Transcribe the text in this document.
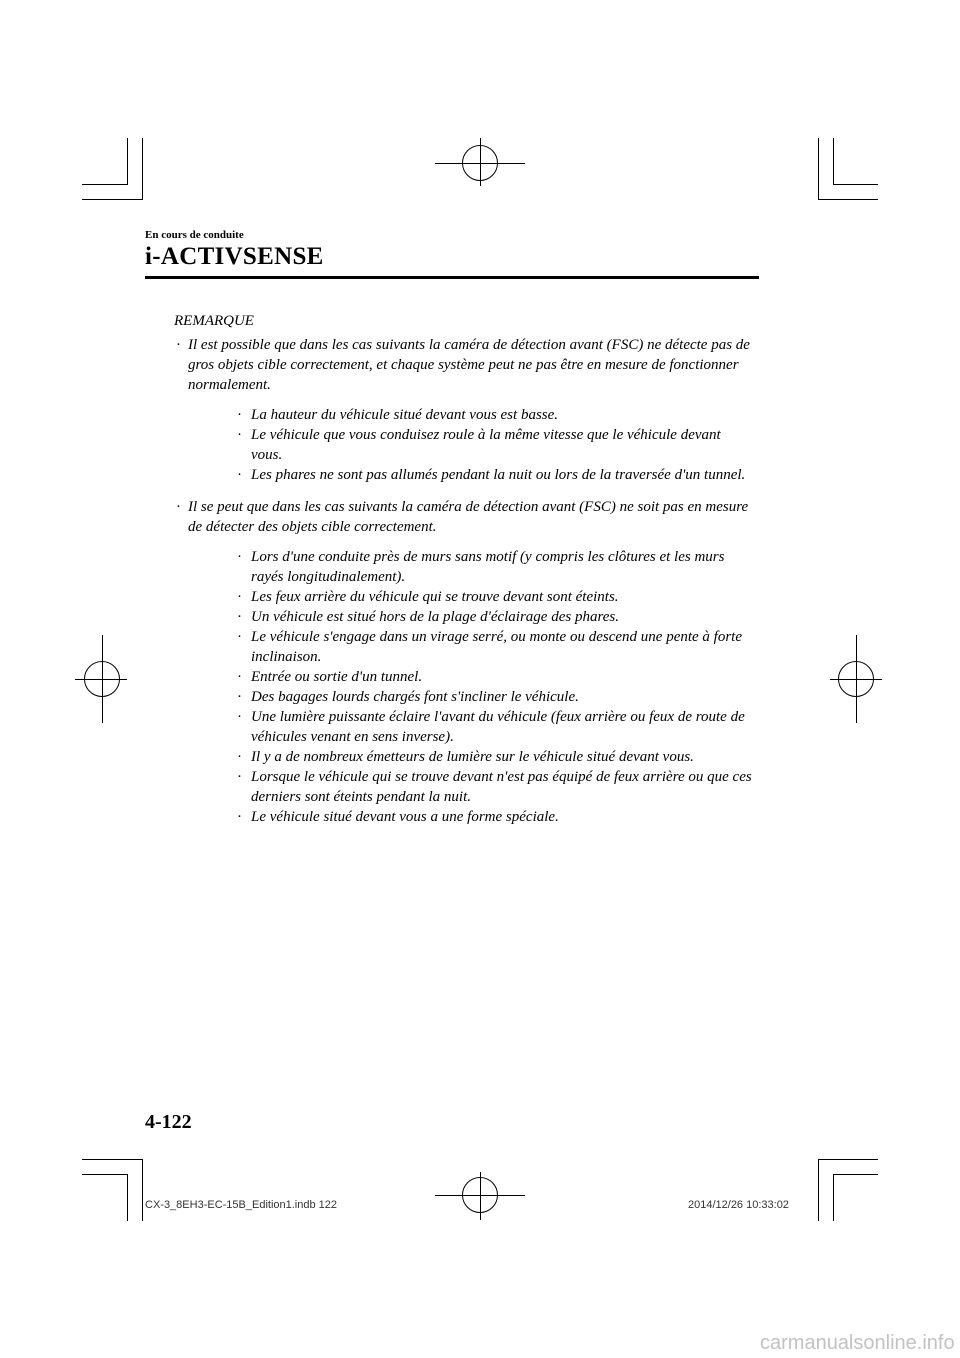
En cours de conduite
i-ACTIVSENSE
REMARQUE
· Il est possible que dans les cas suivants la caméra de détection avant (FSC) ne détecte pas de gros objets cible correctement, et chaque système peut ne pas être en mesure de fonctionner normalement.
· La hauteur du véhicule situé devant vous est basse.
· Le véhicule que vous conduisez roule à la même vitesse que le véhicule devant vous.
· Les phares ne sont pas allumés pendant la nuit ou lors de la traversée d'un tunnel.
· Il se peut que dans les cas suivants la caméra de détection avant (FSC) ne soit pas en mesure de détecter des objets cible correctement.
· Lors d'une conduite près de murs sans motif (y compris les clôtures et les murs rayés longitudinalement).
· Les feux arrière du véhicule qui se trouve devant sont éteints.
· Un véhicule est situé hors de la plage d'éclairage des phares.
· Le véhicule s'engage dans un virage serré, ou monte ou descend une pente à forte inclinaison.
· Entrée ou sortie d'un tunnel.
· Des bagages lourds chargés font s'incliner le véhicule.
· Une lumière puissante éclaire l'avant du véhicule (feux arrière ou feux de route de véhicules venant en sens inverse).
· Il y a de nombreux émetteurs de lumière sur le véhicule situé devant vous.
· Lorsque le véhicule qui se trouve devant n'est pas équipé de feux arrière ou que ces derniers sont éteints pendant la nuit.
· Le véhicule situé devant vous a une forme spéciale.
4-122
CX-3_8EH3-EC-15B_Edition1.indb 122	2014/12/26 10:33:02
carmanualsonline.info
